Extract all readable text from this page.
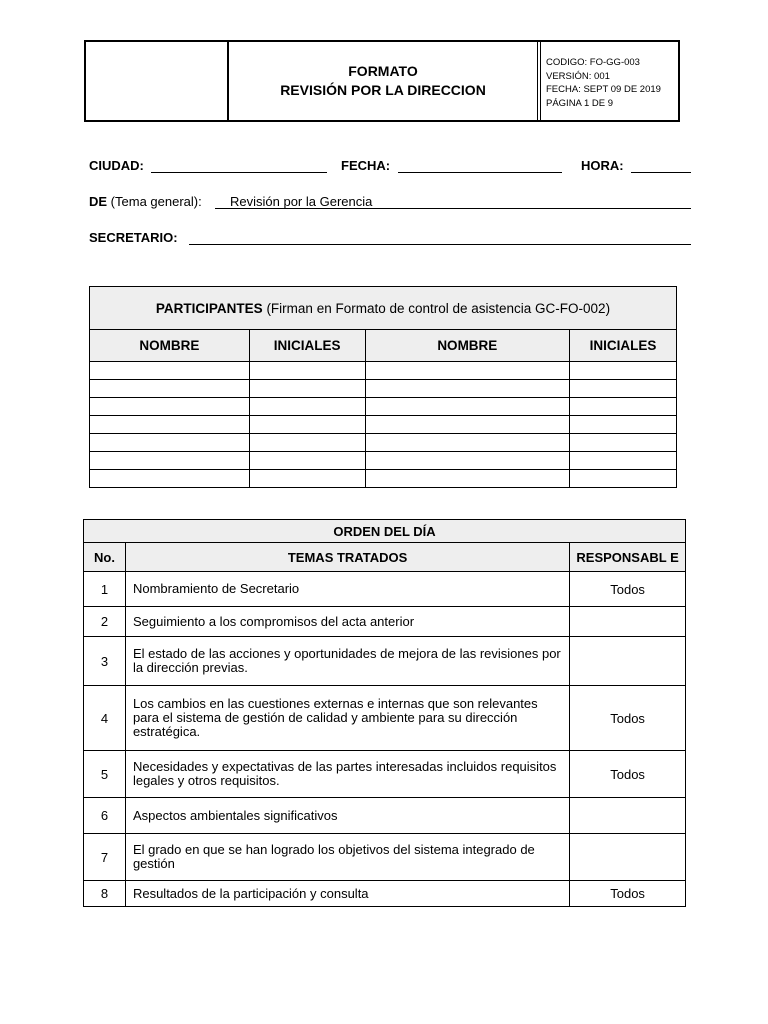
FORMATO
REVISIÓN POR LA DIRECCION
CODIGO: FO-GG-003
VERSIÓN: 001
FECHA: SEPT 09 DE 2019
PÁGINA 1 DE 9
CIUDAD:	FECHA:	HORA:
DE (Tema general): Revisión por la Gerencia
SECRETARIO:
PARTICIPANTES (Firman en Formato de control de asistencia GC-FO-002)			
NOMBRE	INICIALES	NOMBRE	INICIALES

ORDEN DEL DÍA		
No.	TEMAS TRATADOS	RESPONSABL E
1	Nombramiento de Secretario	Todos
2	Seguimiento a los compromisos del acta anterior	
3	El estado de las acciones y oportunidades de mejora de las revisiones por la dirección previas.	
4	Los cambios en las cuestiones externas e internas que son relevantes para el sistema de gestión de calidad y ambiente para su dirección estratégica.	Todos
5	Necesidades y expectativas de las partes interesadas incluidos requisitos legales y otros requisitos.	Todos
6	Aspectos ambientales significativos	
7	El grado en que se han logrado los objetivos del sistema integrado de gestión	
8	Resultados de la participación y consulta	Todos
